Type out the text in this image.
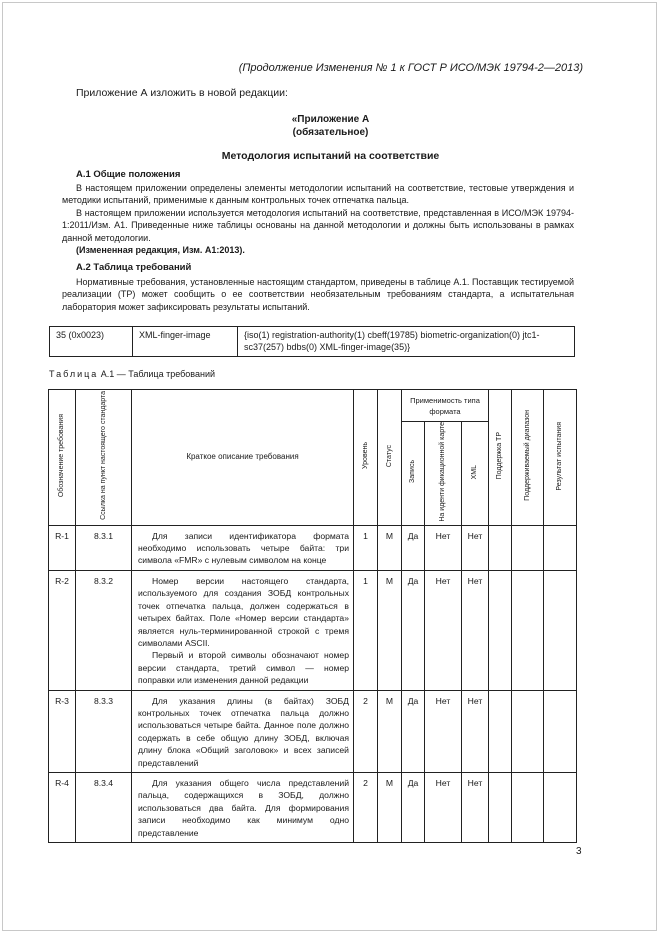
(Продолжение Изменения № 1 к ГОСТ Р ИСО/МЭК 19794-2—2013)
Приложение А изложить в новой редакции:
«Приложение А
(обязательное)
Методология испытаний на соответствие
А.1 Общие положения

В настоящем приложении определены элементы методологии испытаний на соответствие, тестовые утверждения и методики испытаний, применимые к данным контрольных точек отпечатка пальца.

В настоящем приложении используется методология испытаний на соответствие, представленная в ИСО/МЭК 19794-1:2011/Изм. А1. Приведенные ниже таблицы основаны на данной методологии и должны быть использованы в рамках данной методологии.

(Измененная редакция, Изм. А1:2013).

А.2 Таблица требований

Нормативные требования, установленные настоящим стандартом, приведены в таблице А.1. Поставщик тестируемой реализации (ТР) может сообщить о ее соответствии необязательным требованиям стандарта, а испытательная лаборатория может зафиксировать результаты испытаний.

35 (0x0023)	XML-finger-image	{iso(1) registration-authority(1) cbeff(19785) biometric-organization(0) jtc1-sc37(257) bdbs(0) XML-finger-image(35)}
Таблица А.1 — Таблица требований
Обозначение требования	Ссылка на пункт настоящего стандарта	Краткое описание требования	Уровень	Статус	Применимость типа формата			Поддержка ТР	Поддерживаемый диапазон	Результат испытания
					Запись	На иденти фикационной карте	XML			
R-1	8.3.1	Для записи идентификатора формата необходимо использовать четыре байта: три символа «FMR» с нулевым символом на конце	1	M	Да	Нет	Нет			
R-2	8.3.2	Номер версии настоящего стандарта, используемого для создания ЗОБД контрольных точек отпечатка пальца, должен содержаться в четырех байтах. Поле «Номер версии стандарта» является нуль-терминированной строкой с тремя символами ASCII.

Первый и второй символы обозначают номер версии стандарта, третий символ — номер поправки или изменения данной редакции	1	M	Да	Нет	Нет			
R-3	8.3.3	Для указания длины (в байтах) ЗОБД контрольных точек отпечатка пальца должно использоваться четыре байта. Данное поле должно содержать в себе общую длину ЗОБД, включая длину блока «Общий заголовок» и всех записей представлений	2	M	Да	Нет	Нет			
R-4	8.3.4	Для указания общего числа представлений пальца, содержащихся в ЗОБД, должно использоваться два байта. Для формирования записи необходимо как минимум одно представление	2	M	Да	Нет	Нет			
3
